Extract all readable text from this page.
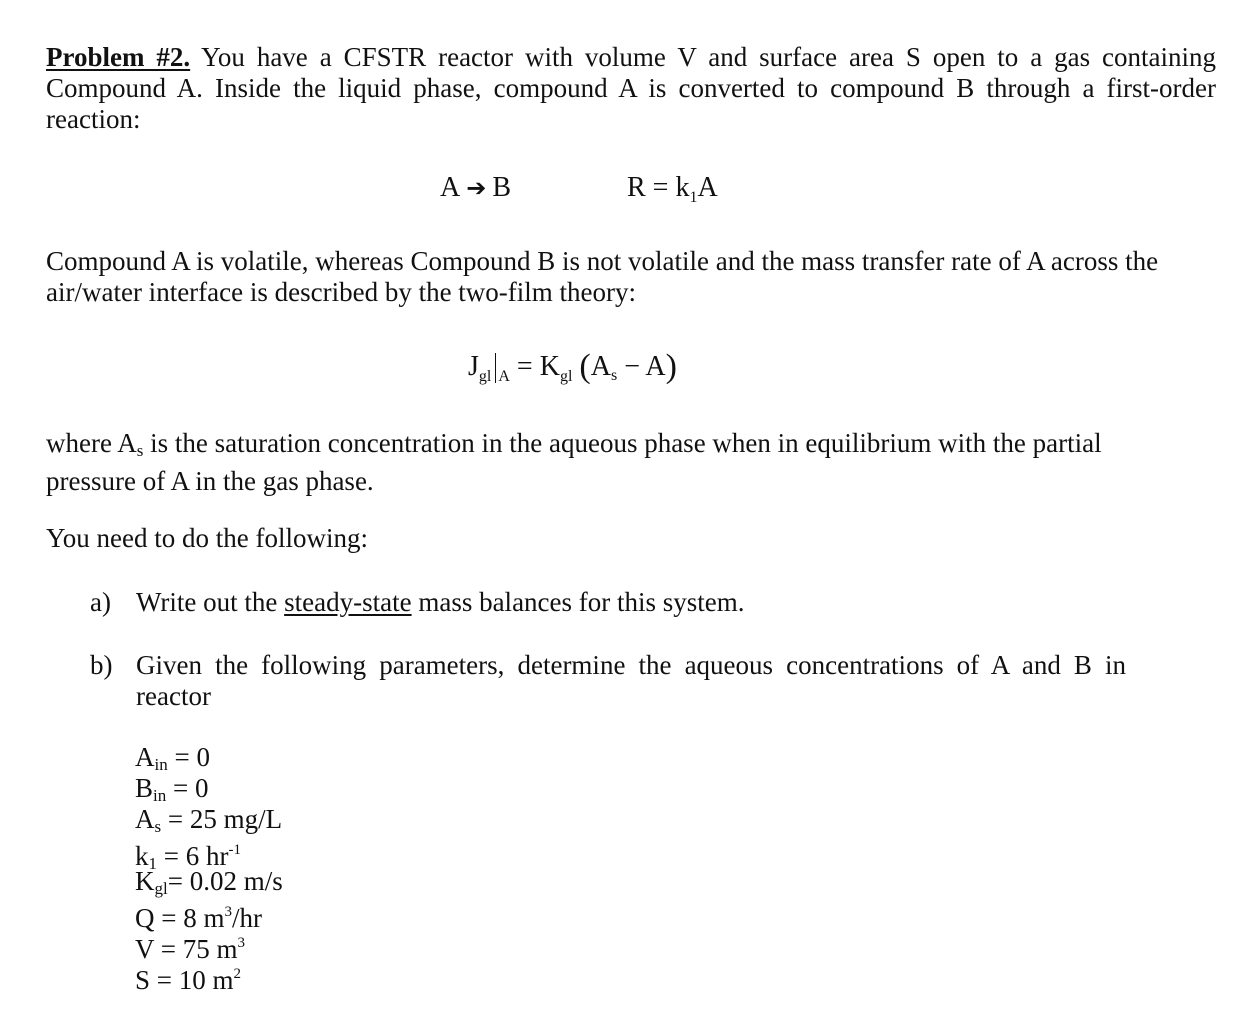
Problem #2. You have a CFSTR reactor with volume V and surface area S open to a gas containing Compound A. Inside the liquid phase, compound A is converted to compound B through a first-order reaction:
A ➔ B	$R = k_1A$
Compound A is volatile, whereas Compound B is not volatile and the mass transfer rate of A across the air/water interface is described by the two-film theory:
$J_{gl}$ $_A = K_{gl}$ $(A_s - A)$
where $A_s$ is the saturation concentration in the aqueous phase when in equilibrium with the partial pressure of A in the gas phase.
You need to do the following:
a) Write out the steady-state mass balances for this system.
b) Given the following parameters, determine the aqueous concentrations of A and B in reactor
$A_{in} = 0$
$B_{in} = 0$
$A_s = 25$ mg/L
$k_1 = 6$ $hr^{-1}$
$K_{gl}= 0.02$ m/s
Q = 8 $m^3/hr$
V = 75 $m^3$
S = 10 $m^2$
